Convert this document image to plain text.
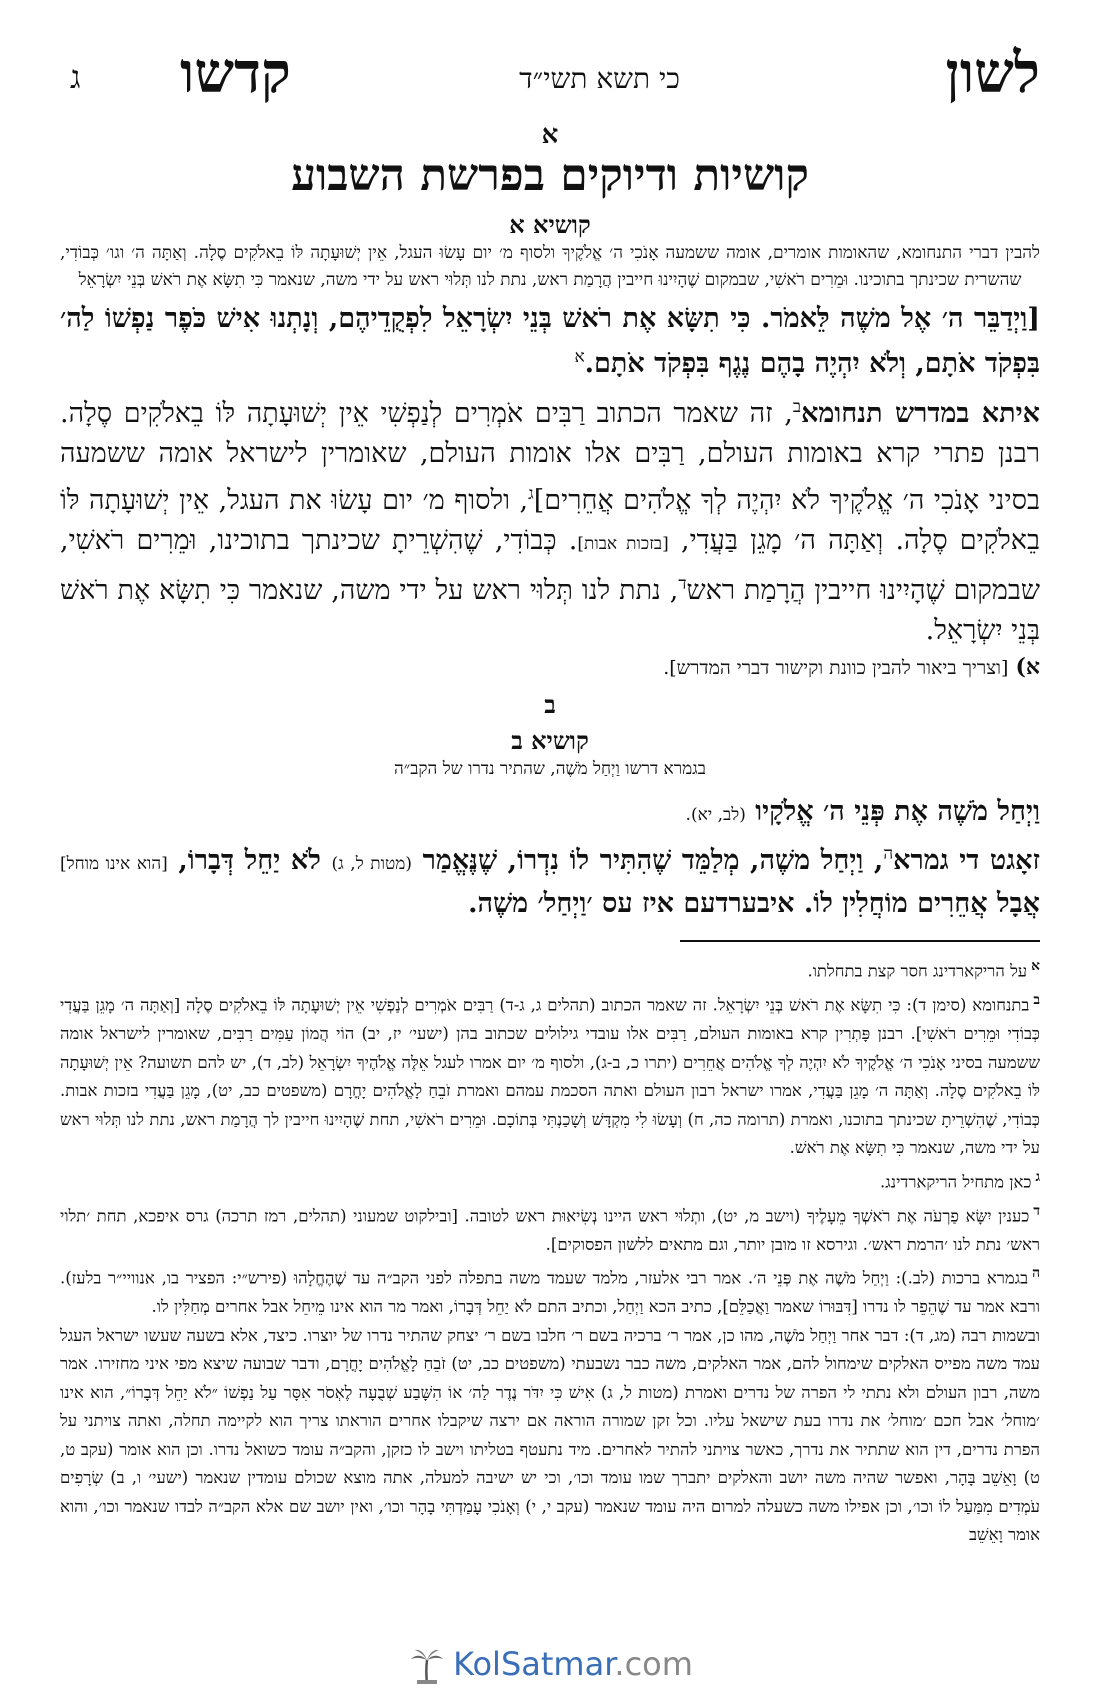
לשון
כי תשא תשי״ד
קדשו
ג
א
קושיות ודיוקים בפרשת השבוע
קושיא א

להבין דברי התנחומא, שהאומות אומרים, אומה ששמעה אָנֹכִי ה׳ אֱלֹקֶיךָ ולסוף מ׳ יום עָשׂוּ העגל, אֵין יְשׁוּעָתָה לּוֹ בֵאלֹקִים סֶלָה. וְאַתָּה ה׳ וגו׳ כְּבוֹדִי, שהשרית שכינתך בתוכינו. וּמֵרִים רֹאשִׁי, שבמקום שֶׁהָיִינוּ חייבין הֲרָמַת ראש, נתת לנו תְּלוּי ראש על ידי משה, שנאמר כִּי תִשָּׂא אֶת רֹאשׁ בְּנֵי יִשְׂרָאֵל

[וַיְדַבֵּר ה׳ אֶל משֶׁה לֵּאמֹר. כִּי תִשָּׂא אֶת רֹאשׁ בְּנֵי יִשְׂרָאֵל לִפְקֻדֵיהֶם, וְנָתְנוּ אִישׁ כֹּפֶר נַפְשׁוֹ לַה׳ בִּפְקֹד אֹתָם, וְלֹא יִהְיֶה בָהֶם נֶגֶף בִּפְקֹד אֹתָם.$^א$

איתא במדרש תנחומא$^ב$, זה שאמר הכתוב רַבִּים אֹמְרִים לְנַפְשִׁי אֵין יְשׁוּעָתָה לּוֹ בֵאלֹקִים סֶלָה. רבנן פתרי קרא באומות העולם, רַבִּים אלו אומות העולם, שאומרין לישראל אומה ששמעה בסיני אָנֹכִי ה׳ אֱלֹקֶיךָ לֹא יִהְיֶה לְךָ אֱלֹהִים אֲחֵרִים]$^ג$, ולסוף מ׳ יום עָשׂוּ את העגל, אֵין יְשׁוּעָתָה לּוֹ בֵאלֹקִים סֶלָה. וְאַתָּה ה׳ מָגֵן בַּעֲדִי, [בזכות אבות]. כְּבוֹדִי, שֶׁהִשְׁרֵיתָ שכינתך בתוכינו, וּמֵרִים רֹאשִׁי, שבמקום שֶׁהָיִינוּ חייבין הֲרָמַת ראש$^ד$, נתת לנו תְּלוּי ראש על ידי משה, שנאמר כִּי תִשָּׂא אֶת רֹאשׁ בְּנֵי יִשְׂרָאֵל.

א) [וצריך ביאור להבין כוונת וקישור דברי המדרש].

ב
קושיא ב

בגמרא דרשו וַיְחַל מֹשֶׁה, שהתיר נדרו של הקב״ה

וַיְחַל מֹשֶׁה אֶת פְּנֵי ה׳ אֱלֹקָיו (לב, יא).

זאָגט די גמרא$^ה$, וַיְחַל משֶׁה, מְלַמֵּד שֶׁהִתִּיר לוֹ נִדְרוֹ, שֶׁנֶּאֱמַר (מטות ל, ג) לֹא יַחֵל דְּבָרוֹ, [הוא אינו מוחל] אֲבָל אֲחֵרִים מוֹחֲלִין לוֹ. איבערדעם איז עס ׳וַיְחַל׳ משֶׁה.

$^א$על הריקארדינג חסר קצת בתחלתו.

$^ב$בתנחומא (סימן ד): כִּי תִשָּׂא אֶת רֹאשׁ בְּנֵי יִשְׂרָאֵל. זה שאמר הכתוב (תהלים ג, ג-ד) רַבִּים אֹמְרִים לְנַפְשִׁי אֵין יְשׁוּעָתָה לּוֹ בֵאלֹקִים סֶלָה [וְאַתָּה ה׳ מָגֵן בַּעֲדִי כְּבוֹדִי וּמֵרִים רֹאשִׁי]. רבנן פָּתְרִין קרא באומות העולם, רַבִּים אלו עובדי גילולים שכתוב בהן (ישעי׳ יז, יב) הוֹי הֲמוֹן עַמִּים רַבִּים, שאומרין לישראל אומה ששמעה בסיני אָנֹכִי ה׳ אֱלֹקֶיךָ לֹא יִהְיֶה לְךָ אֱלֹהִים אֲחֵרִים (יתרו כ, ב-ג), ולסוף מ׳ יום אמרו לעגל אֵלֶּה אֱלֹהֶיךָ יִשְׂרָאֵל (לב, ד), יש להם תשועה? אֵין יְשׁוּעָתָה לּוֹ בֵאלֹקִים סֶלָה. וְאַתָּה ה׳ מָגֵן בַּעֲדִי, אמרו ישראל רבון העולם ואתה הסכמת עמהם ואמרת זֹבֵחַ לָאֱלֹהִים יָחֳרָם (משפטים כב, יט), מָגֵן בַּעֲדִי בזכות אבות. כְּבוֹדִי, שֶׁהִשְׁרֵיתָ שכינתך בתוכנו, ואמרת (תרומה כה, ח) וְעָשׂוּ לִי מִקְדָּשׁ וְשָׁכַנְתִּי בְּתוֹכָם. וּמֵרִים רֹאשִׁי, תחת שֶׁהָיִינוּ חייבין לך הֲרָמַת ראש, נתת לנו תְּלוּי ראש על ידי משה, שנאמר כִּי תִשָּׂא אֶת רֹאשׁ.

$^ג$כאן מתחיל הריקארדינג.

$^ד$כענין יִשָּׂא פַרְעֹה אֶת רֹאשְׁךָ מֵעָלֶיךָ (וישב מ, יט), ותְלוּי ראש היינו נְשִׂיאוּת ראש לטובה. [ובילקוט שמעוני (תהלים, רמז תרכה) גרס איפכא, תחת ׳תלוי ראש׳ נתת לנו ׳הרמת ראש׳. וגירסא זו מובן יותר, וגם מתאים ללשון הפסוקים].

$^ה$בגמרא ברכות (לב.): וַיְחַל מֹשֶׁה אֶת פְּנֵי ה׳. אמר רבי אלעזר, מלמד שעמד משה בתפלה לפני הקב״ה עד שֶׁהֶחֱלָהוּ (פירש״י: הפציר בו, אנוויי״ר בלעז). ורבא אמר עד שֶׁהֵפֵר לו נדרו [דִּבּוּרוֹ שאמר וַאֲכַלֵּם], כתיב הכא וַיְחַל, וכתיב התם לֹא יַחֵל דְּבָרוֹ, ואמר מר הוא אינו מֵיחֵל אבל אחרים מְחַלִּין לו.

ובשמות רבה (מג, ד): דבר אחר וַיְחַל מֹשֶׁה, מהו כן, אמר ר׳ ברכיה בשם ר׳ חלבו בשם ר׳ יצחק שהתיר נדרו של יוצרו. כיצד, אלא בשעה שעשו ישראל העגל עמד משה מפייס האלקים שימחול להם, אמר האלקים, משה כבר נשבעתי (משפטים כב, יט) זֹבֵחַ לָאֱלֹהִים יָחֳרָם, ודבר שבועה שיצא מפי איני מחזירו. אמר משה, רבון העולם ולא נתתי לי הפרה של נדרים ואמרת (מטות ל, ג) אִישׁ כִּי יִדֹּר נֶדֶר לַה׳ אוֹ הִשָּׁבַע שְׁבֻעָה לֶאְסֹר אִסָּר עַל נַפְשׁוֹ ״לֹא יַחֵל דְּבָרוֹ״, הוא אינו ׳מוחל׳ אבל חכם ׳מוחל׳ את נדרו בעת שישאל עליו. וכל זקן שמורה הוראה אם ירצה שיקבלו אחרים הוראתו צריך הוא לקיימה תחלה, ואתה צויתני על הפרת נדרים, דין הוא שתתיר את נדרך, כאשר צויתני להתיר לאחרים. מיד נתעטף בטליתו וישב לו כזקן, והקב״ה עומד כשואל נדרו. וכן הוא אומר (עקב ט, ט) וָאֵשֵׁב בָּהָר, ואפשר שהיה משה יושב והאלקים יתברך שמו עומד וכו׳, וכי יש ישיבה למעלה, אתה מוצא שכולם עומדין שנאמר (ישעי׳ ו, ב) שְׂרָפִים עֹמְדִים מִמַּעַל לוֹ וכו׳, וכן אפילו משה כשעלה למרום היה עומד שנאמר (עקב י, י) וְאָנֹכִי עָמַדְתִּי בָהָר וכו׳, ואין יושב שם אלא הקב״ה לבדו שנאמר וכו׳, והוא אומר וָאֵשֵׁב

KolSatmar.com
